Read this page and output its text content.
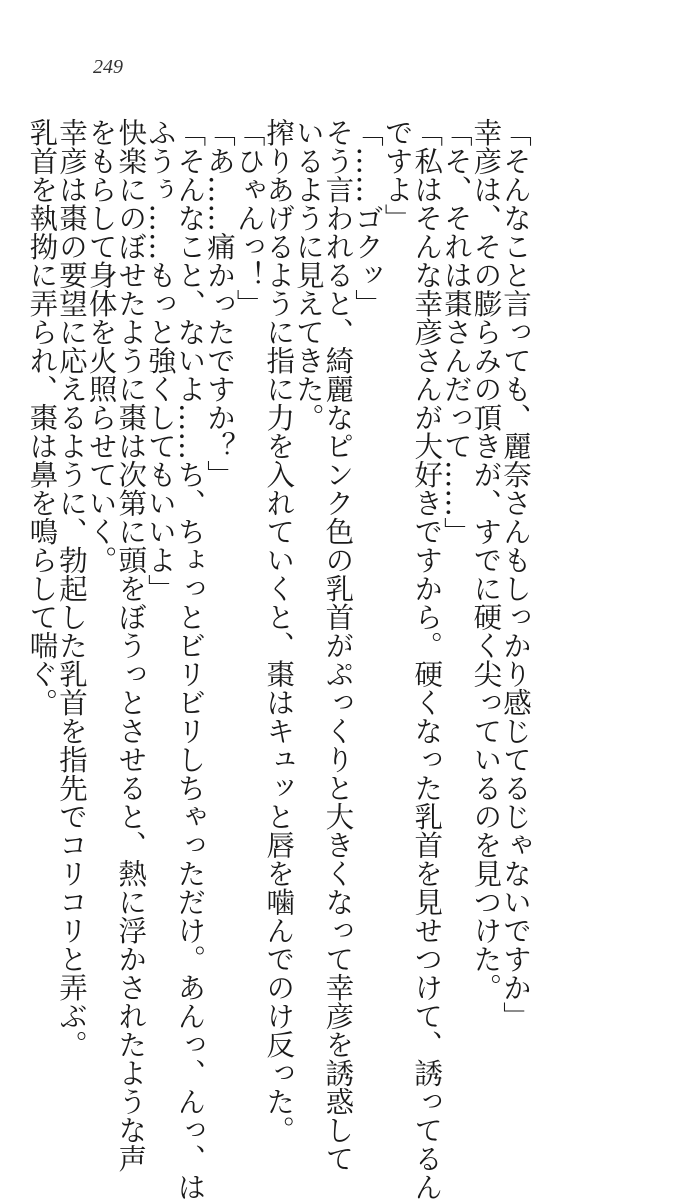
249
「そんなこと言っても、麗奈さんもしっかり感じてるじゃないですか」
幸彦は、その膨らみの頂きが、すでに硬く尖っているのを見つけた。
「そ、それは棗さんだって……」
「私はそんな幸彦さんが大好きですから。硬くなった乳首を見せつけて、誘ってるん
ですよ」
「……ゴクッ」
そう言われると、綺麗なピンク色の乳首がぷっくりと大きくなって幸彦を誘惑して
いるように見えてきた。
搾りあげるように指に力を入れていくと、棗はキュッと唇を噛んでのけ反った。
「ひゃんっ！」
「あ……痛かったですか？」
「そんなこと、ないよ……ち、ちょっとビリビリしちゃっただけ。あんっ、んっ、は
ふうぅ……もっと強くしてもいいよ」
快楽にのぼせたように棗は次第に頭をぼうっとさせると、熱に浮かされたような声
をもらして身体を火照らせていく。
幸彦は棗の要望に応えるように、勃起した乳首を指先でコリコリと弄ぶ。
乳首を執拗に弄られ、棗は鼻を鳴らして喘ぐ。
